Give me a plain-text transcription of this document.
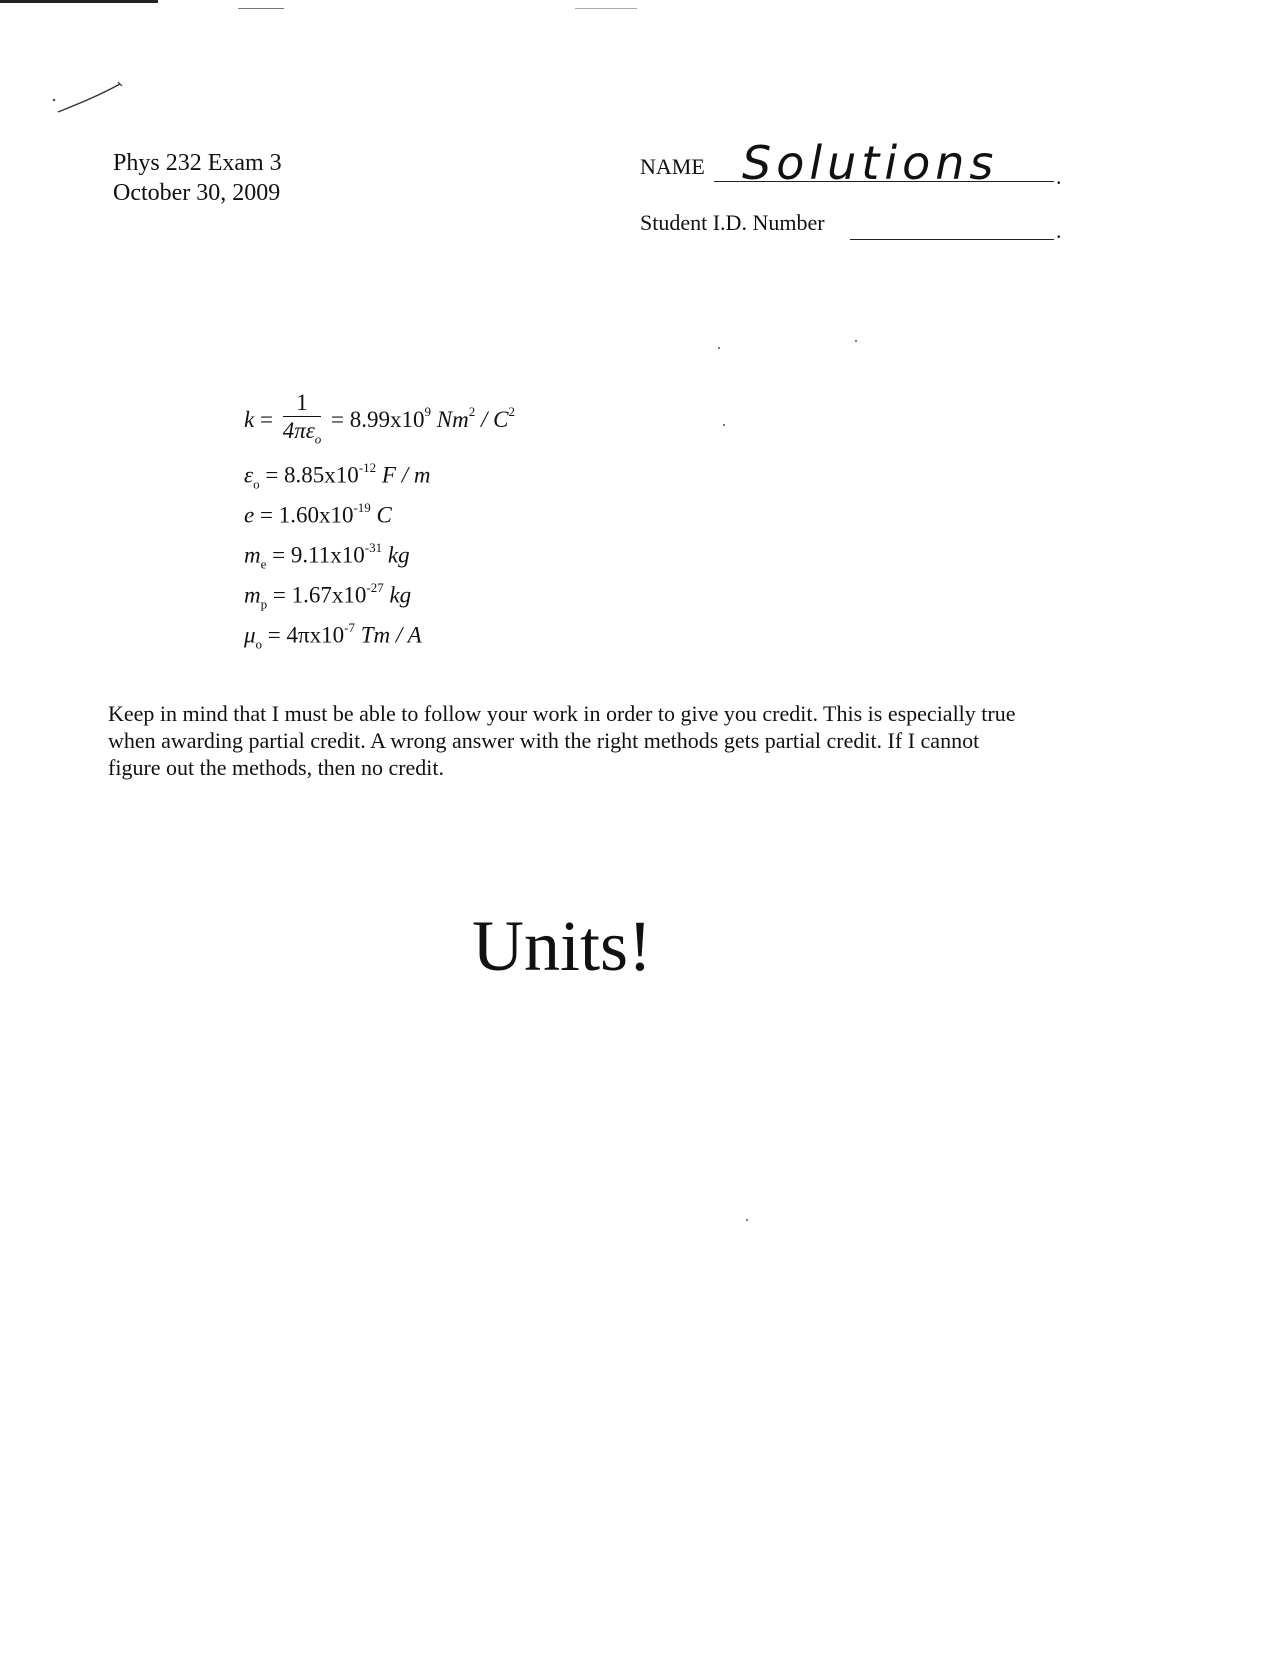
Phys 232 Exam 3
October 30, 2009
NAME Solutions	.
Student I.D. Number	.
$k = \frac{1}{4\pi\varepsilon_o} = 8.99x10^9$ $Nm^2 / C^2$
$\varepsilon_o = 8.85x10^{-12}$ F / m
$e = 1.60x10^{-19}$ C
$m_e = 9.11x10^{-31}$ kg
$m_p = 1.67x10^{-27}$ kg
$\mu_o = 4\pi x10^{-7}$ Tm / A
Keep in mind that I must be able to follow your work in order to give you credit. This is especially true
when awarding partial credit. A wrong answer with the right methods gets partial credit. If I cannot
figure out the methods, then no credit.
Units!
